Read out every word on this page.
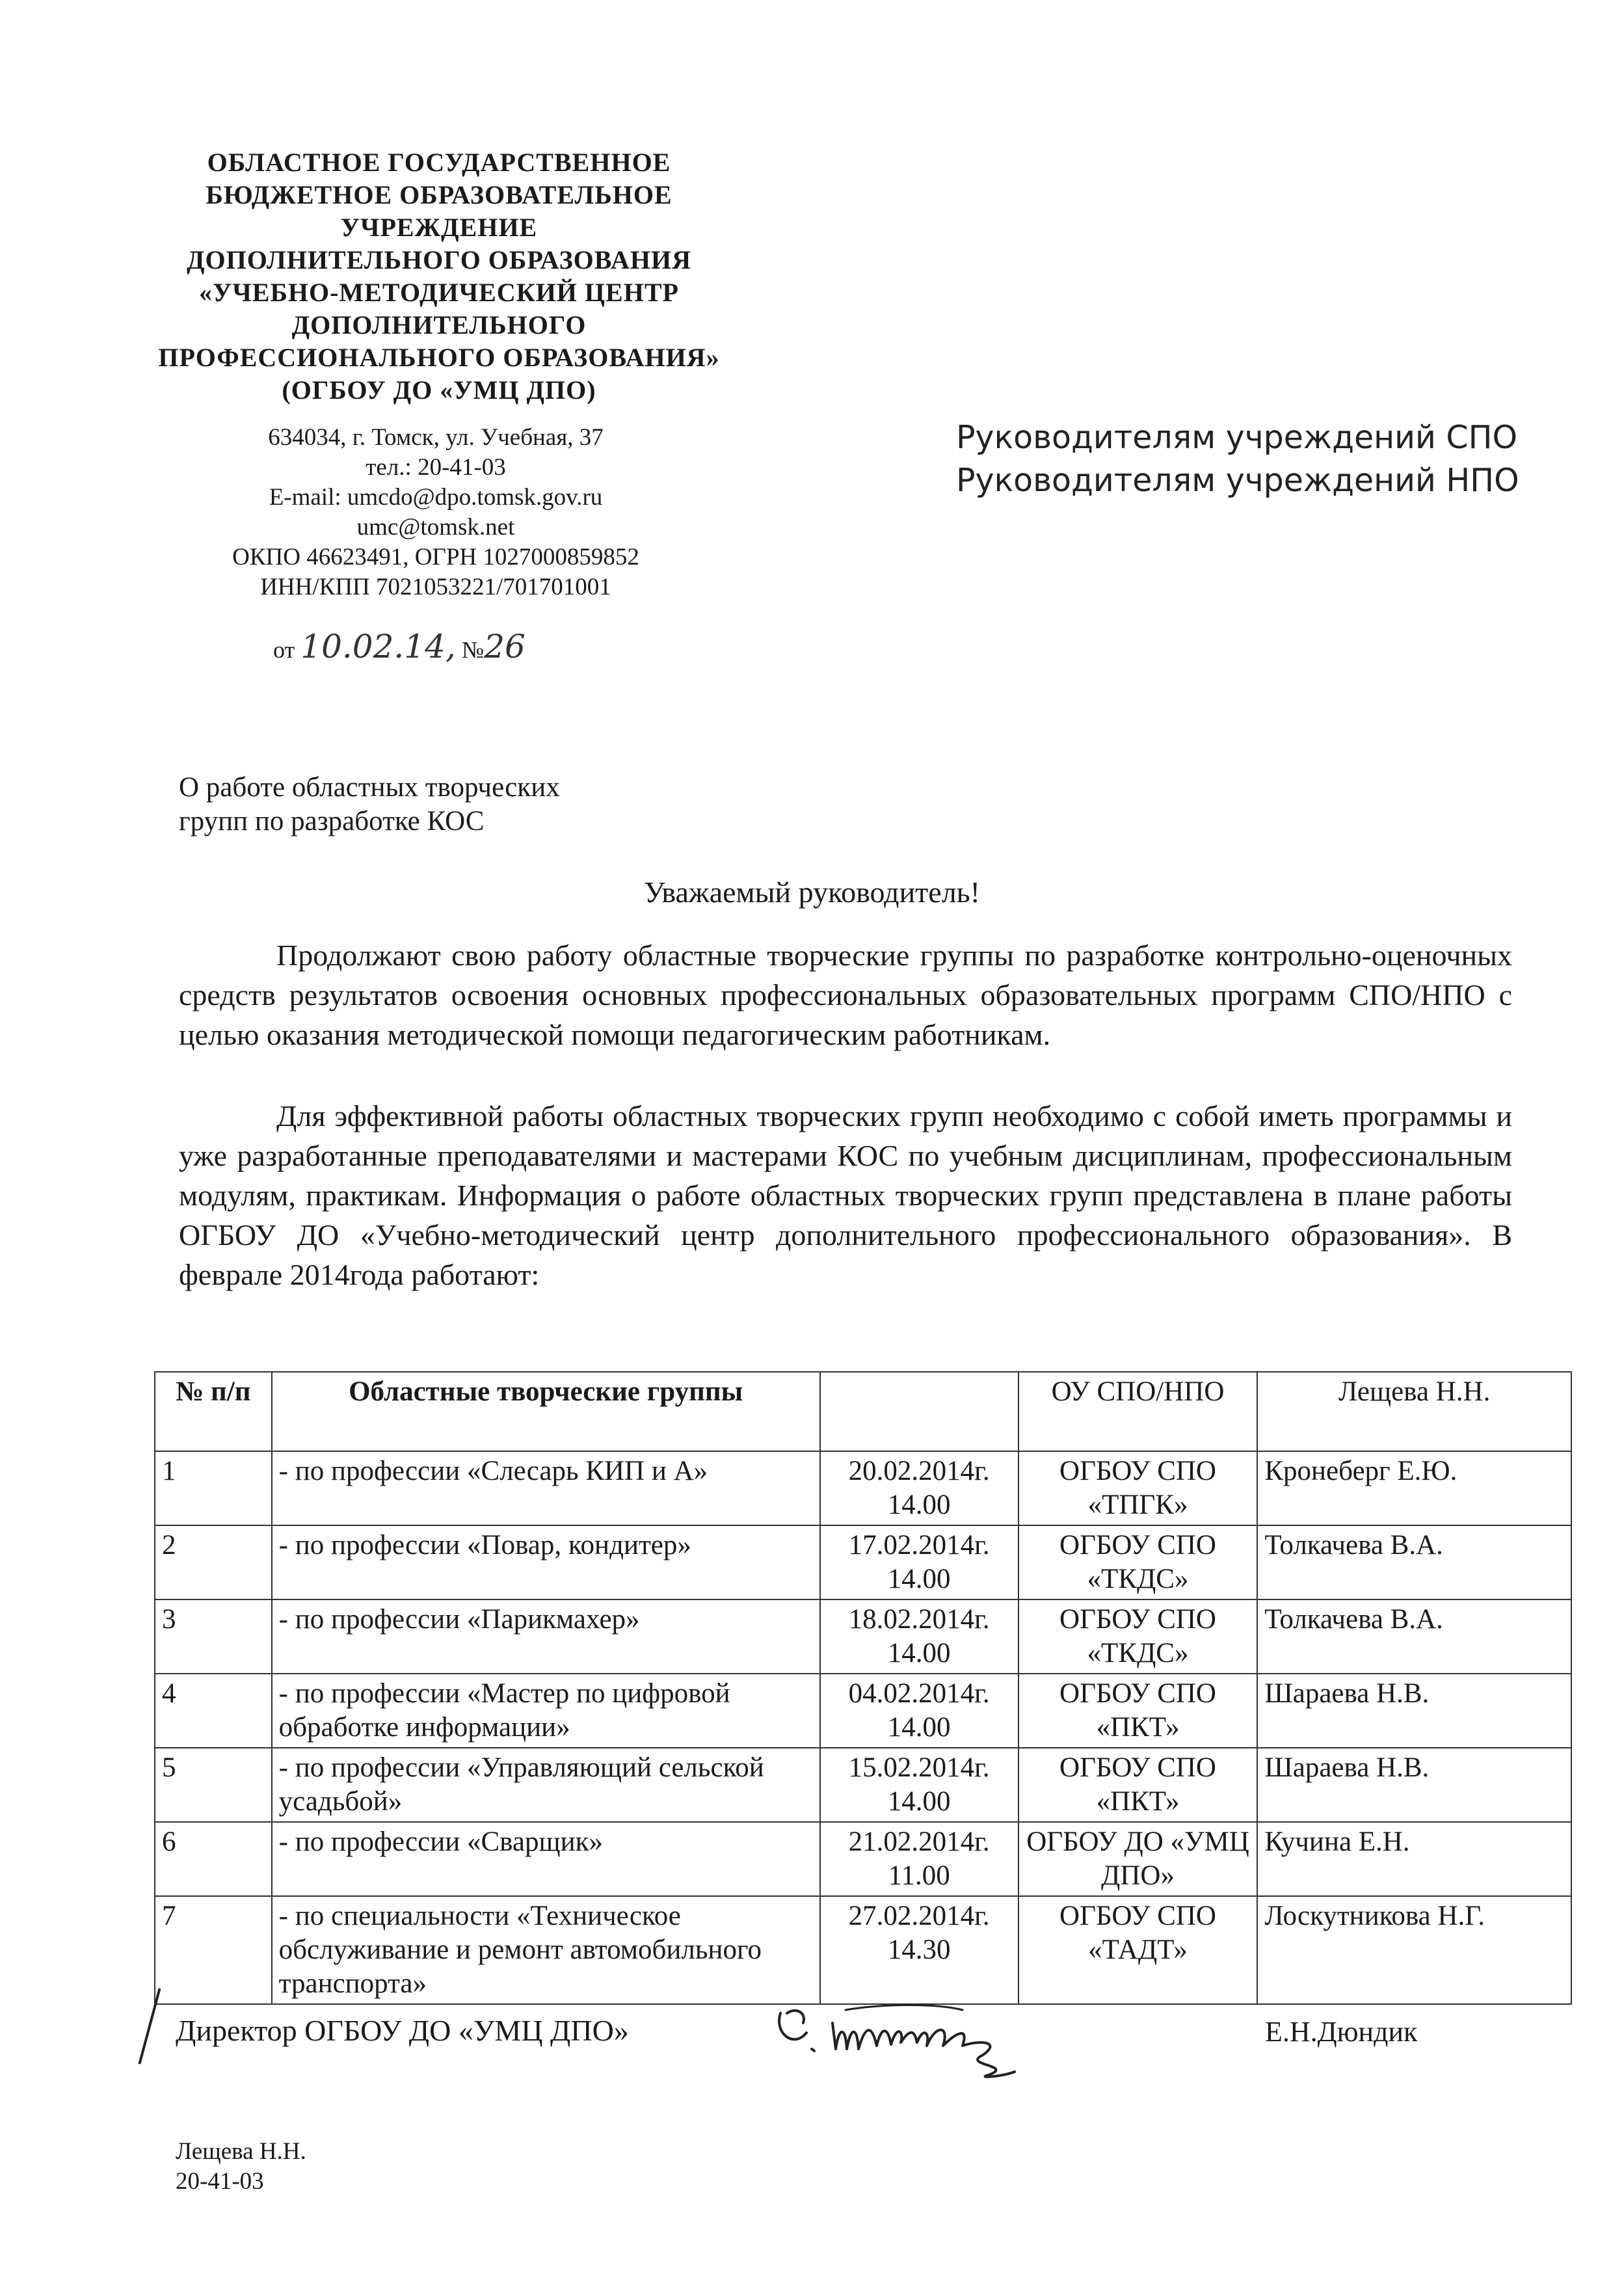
ОБЛАСТНОЕ ГОСУДАРСТВЕННОЕ
БЮДЖЕТНОЕ ОБРАЗОВАТЕЛЬНОЕ
УЧРЕЖДЕНИЕ
ДОПОЛНИТЕЛЬНОГО ОБРАЗОВАНИЯ
«УЧЕБНО-МЕТОДИЧЕСКИЙ ЦЕНТР
ДОПОЛНИТЕЛЬНОГО
ПРОФЕССИОНАЛЬНОГО ОБРАЗОВАНИЯ»
(ОГБОУ ДО «УМЦ ДПО)
634034, г. Томск, ул. Учебная, 37
тел.: 20-41-03
E-mail: umcdo@dpo.tomsk.gov.ru
umc@tomsk.net
ОКПО 46623491, ОГРН 1027000859852
ИНН/КПП 7021053221/701701001
от 10.02.14, №26
Руководителям учреждений СПО
Руководителям учреждений НПО
О работе областных творческих
групп по разработке КОС
Уважаемый руководитель!
Продолжают свою работу областные творческие группы по разработке контрольно-оценочных средств результатов освоения основных профессиональных образовательных программ СПО/НПО с целью оказания методической помощи педагогическим работникам.
Для эффективной работы областных творческих групп необходимо с собой иметь программы и уже разработанные преподавателями и мастерами КОС по учебным дисциплинам, профессиональным модулям, практикам. Информация о работе областных творческих групп представлена в плане работы ОГБОУ ДО «Учебно-методический центр дополнительного профессионального образования». В феврале 2014года работают:
№ п/п	Областные творческие группы		ОУ СПО/НПО	Лещева Н.Н.
1	- по профессии «Слесарь КИП и А»	20.02.2014г. 14.00	ОГБОУ СПО «ТПГК»	Кронеберг Е.Ю.
2	- по профессии «Повар, кондитер»	17.02.2014г. 14.00	ОГБОУ СПО «ТКДС»	Толкачева В.А.
3	- по профессии «Парикмахер»	18.02.2014г. 14.00	ОГБОУ СПО «ТКДС»	Толкачева В.А.
4	- по профессии «Мастер по цифровой обработке информации»	04.02.2014г. 14.00	ОГБОУ СПО «ПКТ»	Шараева Н.В.
5	- по профессии «Управляющий сельской усадьбой»	15.02.2014г. 14.00	ОГБОУ СПО «ПКТ»	Шараева Н.В.
6	- по профессии «Сварщик»	21.02.2014г. 11.00	ОГБОУ ДО «УМЦ ДПО»	Кучина Е.Н.
7	- по специальности «Техническое обслуживание и ремонт автомобильного транспорта»	27.02.2014г. 14.30	ОГБОУ СПО «ТАДТ»	Лоскутникова Н.Г.
Директор ОГБОУ ДО «УМЦ ДПО»	Е.Н.Дюндик
Лещева Н.Н.
20-41-03
